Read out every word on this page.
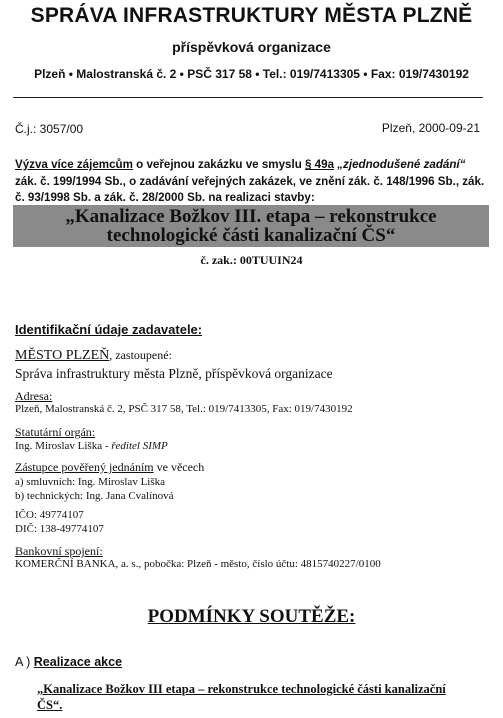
SPRÁVA INFRASTRUKTURY MĚSTA PLZNĚ
příspěvková organizace
Plzeň • Malostranská č. 2 • PSČ 317 58 • Tel.: 019/7413305 • Fax: 019/7430192
Č.j.: 3057/00	Plzeň, 2000-09-21
Výzva více zájemcům o veřejnou zakázku ve smyslu § 49a „zjednodušené zadání“ zák. č. 199/1994 Sb., o zadávání veřejných zakázek, ve znění zák. č. 148/1996 Sb., zák. č. 93/1998 Sb. a zák. č. 28/2000 Sb. na realizaci stavby:
„Kanalizace Božkov III. etapa – rekonstrukce
technologické části kanalizační ČS“
č. zak.: 00TUUIN24
Identifikační údaje zadavatele:
MĚSTO PLZEŇ, zastoupené:
Správa infrastruktury města Plzně, příspěvková organizace
Adresa:
Plzeň, Malostranská č. 2, PSČ 317 58, Tel.: 019/7413305, Fax: 019/7430192
Statutární orgán:
Ing. Miroslav Liška - ředitel SIMP
Zástupce pověřený jednáním ve věcech
a) smluvních: Ing. Miroslav Liška
b) technických: Ing. Jana Cvalínová
IČO: 49774107
DIČ: 138-49774107
Bankovní spojení:
KOMERČNÍ BANKA, a. s., pobočka: Plzeň - město, číslo účtu: 4815740227/0100
PODMÍNKY SOUTĚŽE:
A ) Realizace akce
„Kanalizace Božkov III etapa – rekonstrukce technologické části kanalizační
ČS“.
